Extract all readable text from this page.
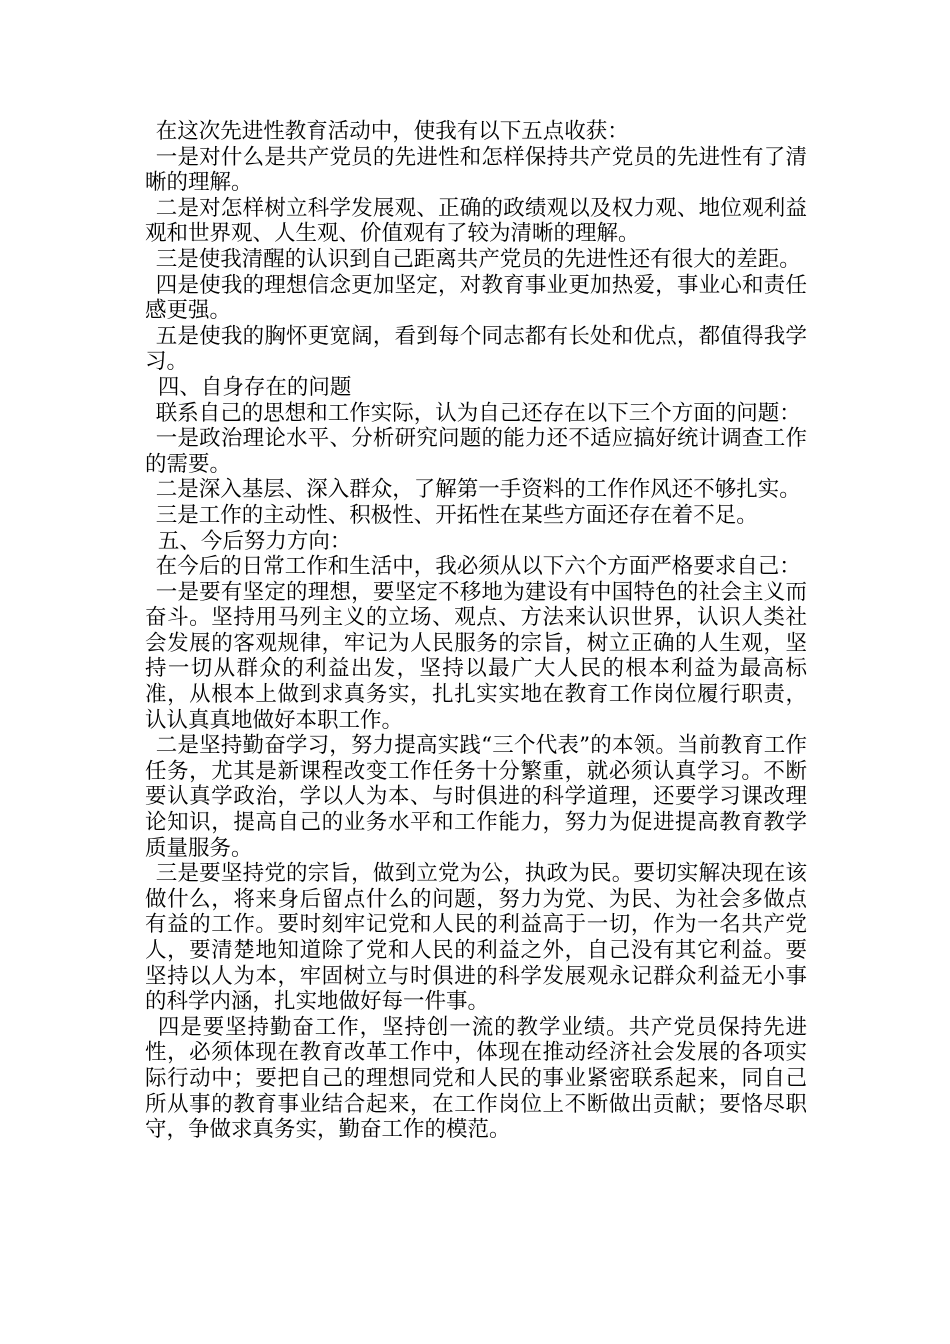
在这次先进性教育活动中，使我有以下五点收获：

一是对什么是共产党员的先进性和怎样保持共产党员的先进性有了清晰的理解。

二是对怎样树立科学发展观、正确的政绩观以及权力观、地位观利益观和世界观、人生观、价值观有了较为清晰的理解。

三是使我清醒的认识到自己距离共产党员的先进性还有很大的差距。

四是使我的理想信念更加坚定，对教育事业更加热爱，事业心和责任感更强。

五是使我的胸怀更宽阔，看到每个同志都有长处和优点，都值得我学习。

四、自身存在的问题

联系自己的思想和工作实际，认为自己还存在以下三个方面的问题：

一是政治理论水平、分析研究问题的能力还不适应搞好统计调查工作的需要。

二是深入基层、深入群众，了解第一手资料的工作作风还不够扎实。

三是工作的主动性、积极性、开拓性在某些方面还存在着不足。

五、今后努力方向：

在今后的日常工作和生活中，我必须从以下六个方面严格要求自己：

一是要有坚定的理想，要坚定不移地为建设有中国特色的社会主义而奋斗。坚持用马列主义的立场、观点、方法来认识世界，认识人类社会发展的客观规律，牢记为人民服务的宗旨，树立正确的人生观，坚持一切从群众的利益出发，坚持以最广大人民的根本利益为最高标准，从根本上做到求真务实，扎扎实实地在教育工作岗位履行职责，认认真真地做好本职工作。

二是坚持勤奋学习，努力提高实践“三个代表”的本领。当前教育工作任务，尤其是新课程改变工作任务十分繁重，就必须认真学习。不断要认真学政治，学以人为本、与时俱进的科学道理，还要学习课改理论知识，提高自己的业务水平和工作能力，努力为促进提高教育教学质量服务。

三是要坚持党的宗旨，做到立党为公，执政为民。要切实解决现在该做什么，将来身后留点什么的问题，努力为党、为民、为社会多做点有益的工作。要时刻牢记党和人民的利益高于一切，作为一名共产党人，要清楚地知道除了党和人民的利益之外，自己没有其它利益。要坚持以人为本，牢固树立与时俱进的科学发展观永记群众利益无小事的科学内涵，扎实地做好每一件事。

四是要坚持勤奋工作，坚持创一流的教学业绩。共产党员保持先进性，必须体现在教育改革工作中，体现在推动经济社会发展的各项实际行动中；要把自己的理想同党和人民的事业紧密联系起来，同自己所从事的教育事业结合起来，在工作岗位上不断做出贡献；要恪尽职守，争做求真务实，勤奋工作的模范。
